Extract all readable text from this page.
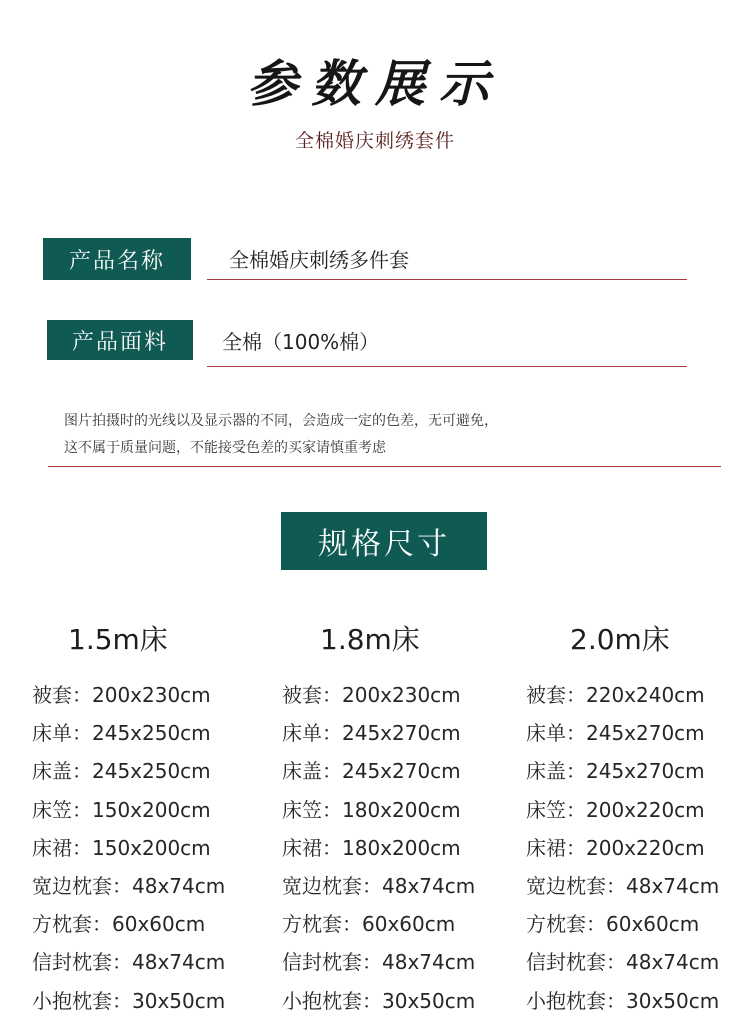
参数展示
全棉婚庆刺绣套件
产品名称	全棉婚庆刺绣多件套
产品面料	全棉（100%棉）
图片拍摄时的光线以及显示器的不同，会造成一定的色差，无可避免，
这不属于质量问题，不能接受色差的买家请慎重考虑
规格尺寸
1.5m床
被套：200x230cm
床单：245x250cm
床盖：245x250cm
床笠：150x200cm
床裙：150x200cm
宽边枕套：48x74cm
方枕套：60x60cm
信封枕套：48x74cm
小抱枕套：30x50cm
1.8m床
被套：200x230cm
床单：245x270cm
床盖：245x270cm
床笠：180x200cm
床裙：180x200cm
宽边枕套：48x74cm
方枕套：60x60cm
信封枕套：48x74cm
小抱枕套：30x50cm
2.0m床
被套：220x240cm
床单：245x270cm
床盖：245x270cm
床笠：200x220cm
床裙：200x220cm
宽边枕套：48x74cm
方枕套：60x60cm
信封枕套：48x74cm
小抱枕套：30x50cm
